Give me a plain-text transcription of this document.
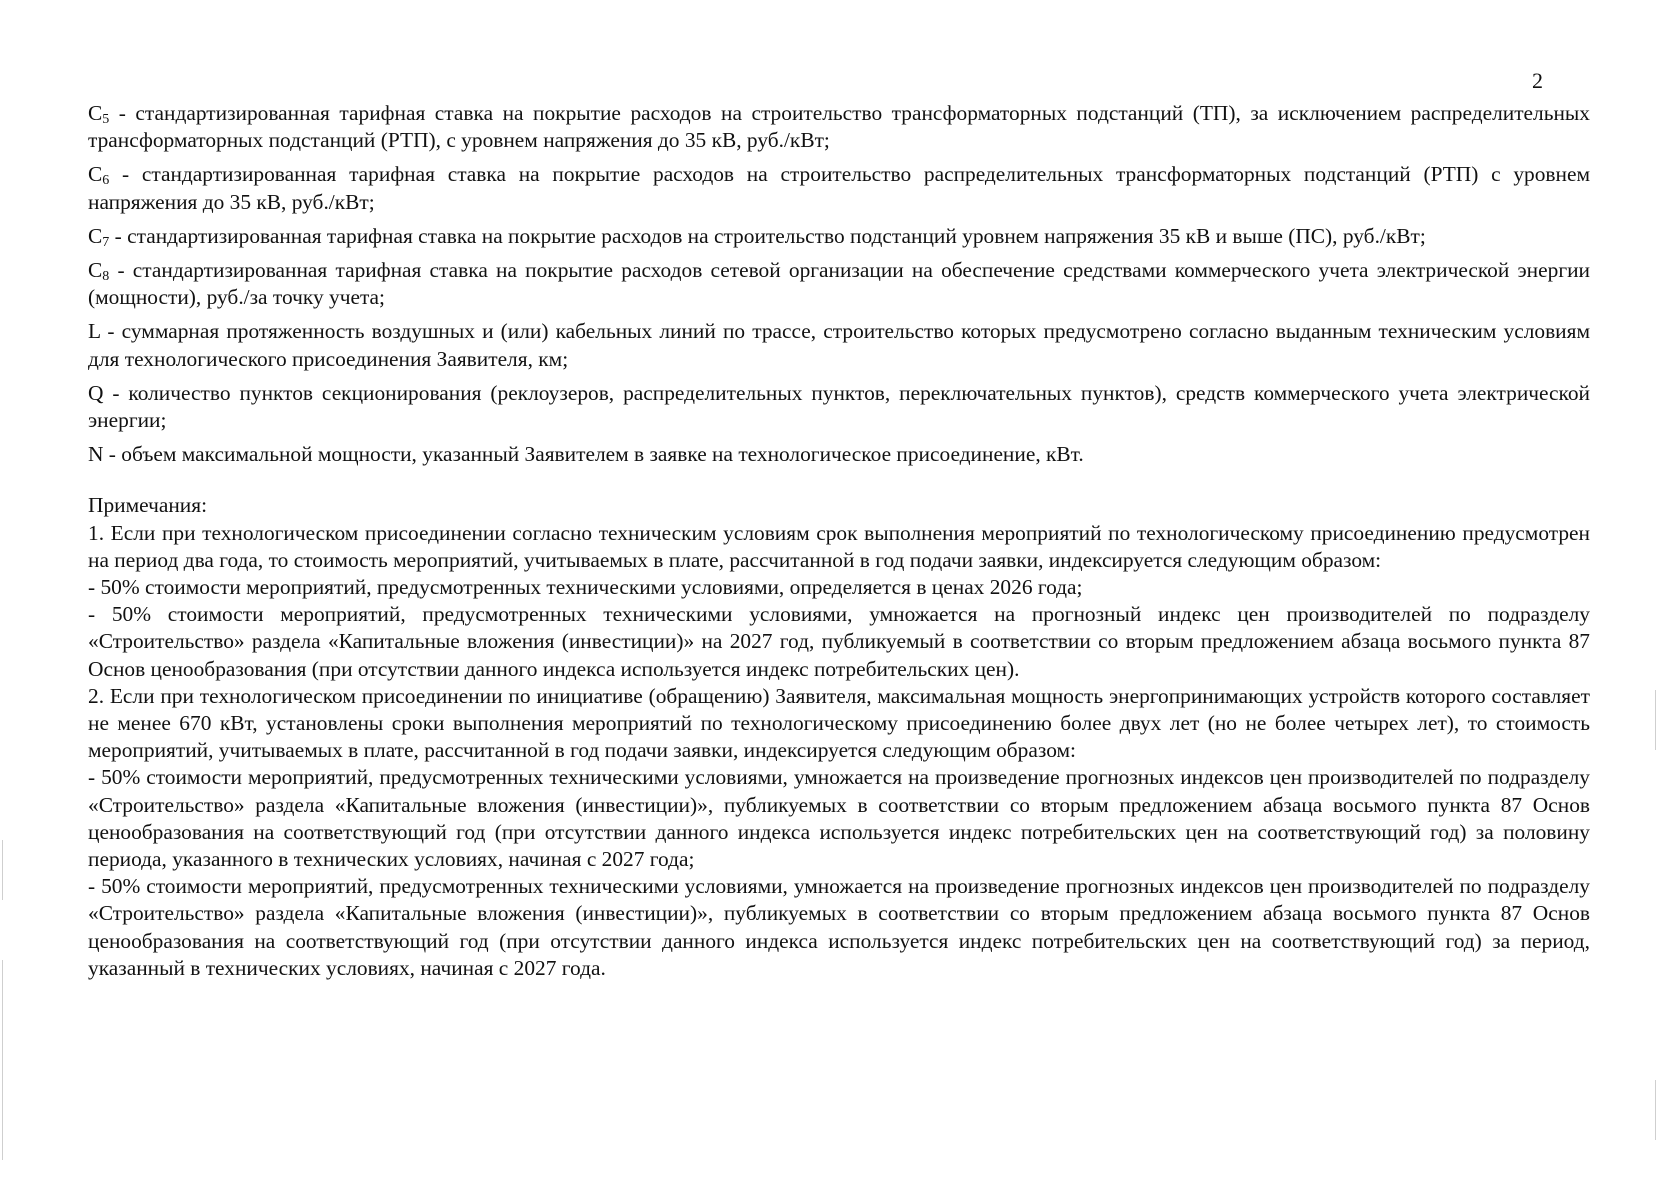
2

$C_5$ - стандартизированная тарифная ставка на покрытие расходов на строительство трансформаторных подстанций (ТП), за исключением распределительных трансформаторных подстанций (РТП), с уровнем напряжения до 35 кВ, руб./кВт;

$C_6$ - стандартизированная тарифная ставка на покрытие расходов на строительство распределительных трансформаторных подстанций (РТП) с уровнем напряжения до 35 кВ, руб./кВт;

$C_7$ - стандартизированная тарифная ставка на покрытие расходов на строительство подстанций уровнем напряжения 35 кВ и выше (ПС), руб./кВт;

$C_8$ - стандартизированная тарифная ставка на покрытие расходов сетевой организации на обеспечение средствами коммерческого учета электрической энергии (мощности), руб./за точку учета;

L - суммарная протяженность воздушных и (или) кабельных линий по трассе, строительство которых предусмотрено согласно выданным техническим условиям для технологического присоединения Заявителя, км;

Q - количество пунктов секционирования (реклоузеров, распределительных пунктов, переключательных пунктов), средств коммерческого учета электрической энергии;

N - объем максимальной мощности, указанный Заявителем в заявке на технологическое присоединение, кВт.

Примечания:

1. Если при технологическом присоединении согласно техническим условиям срок выполнения мероприятий по технологическому присоединению предусмотрен на период два года, то стоимость мероприятий, учитываемых в плате, рассчитанной в год подачи заявки, индексируется следующим образом:

- 50% стоимости мероприятий, предусмотренных техническими условиями, определяется в ценах 2026 года;

- 50% стоимости мероприятий, предусмотренных техническими условиями, умножается на прогнозный индекс цен производителей по подразделу «Строительство» раздела «Капитальные вложения (инвестиции)» на 2027 год, публикуемый в соответствии со вторым предложением абзаца восьмого пункта 87 Основ ценообразования (при отсутствии данного индекса используется индекс потребительских цен).

2. Если при технологическом присоединении по инициативе (обращению) Заявителя, максимальная мощность энергопринимающих устройств которого составляет не менее 670 кВт, установлены сроки выполнения мероприятий по технологическому присоединению более двух лет (но не более четырех лет), то стоимость мероприятий, учитываемых в плате, рассчитанной в год подачи заявки, индексируется следующим образом:

- 50% стоимости мероприятий, предусмотренных техническими условиями, умножается на произведение прогнозных индексов цен производителей по подразделу «Строительство» раздела «Капитальные вложения (инвестиции)», публикуемых в соответствии со вторым предложением абзаца восьмого пункта 87 Основ ценообразования на соответствующий год (при отсутствии данного индекса используется индекс потребительских цен на соответствующий год) за половину периода, указанного в технических условиях, начиная с 2027 года;

- 50% стоимости мероприятий, предусмотренных техническими условиями, умножается на произведение прогнозных индексов цен производителей по подразделу «Строительство» раздела «Капитальные вложения (инвестиции)», публикуемых в соответствии со вторым предложением абзаца восьмого пункта 87 Основ ценообразования на соответствующий год (при отсутствии данного индекса используется индекс потребительских цен на соответствующий год) за период, указанный в технических условиях, начиная с 2027 года.
